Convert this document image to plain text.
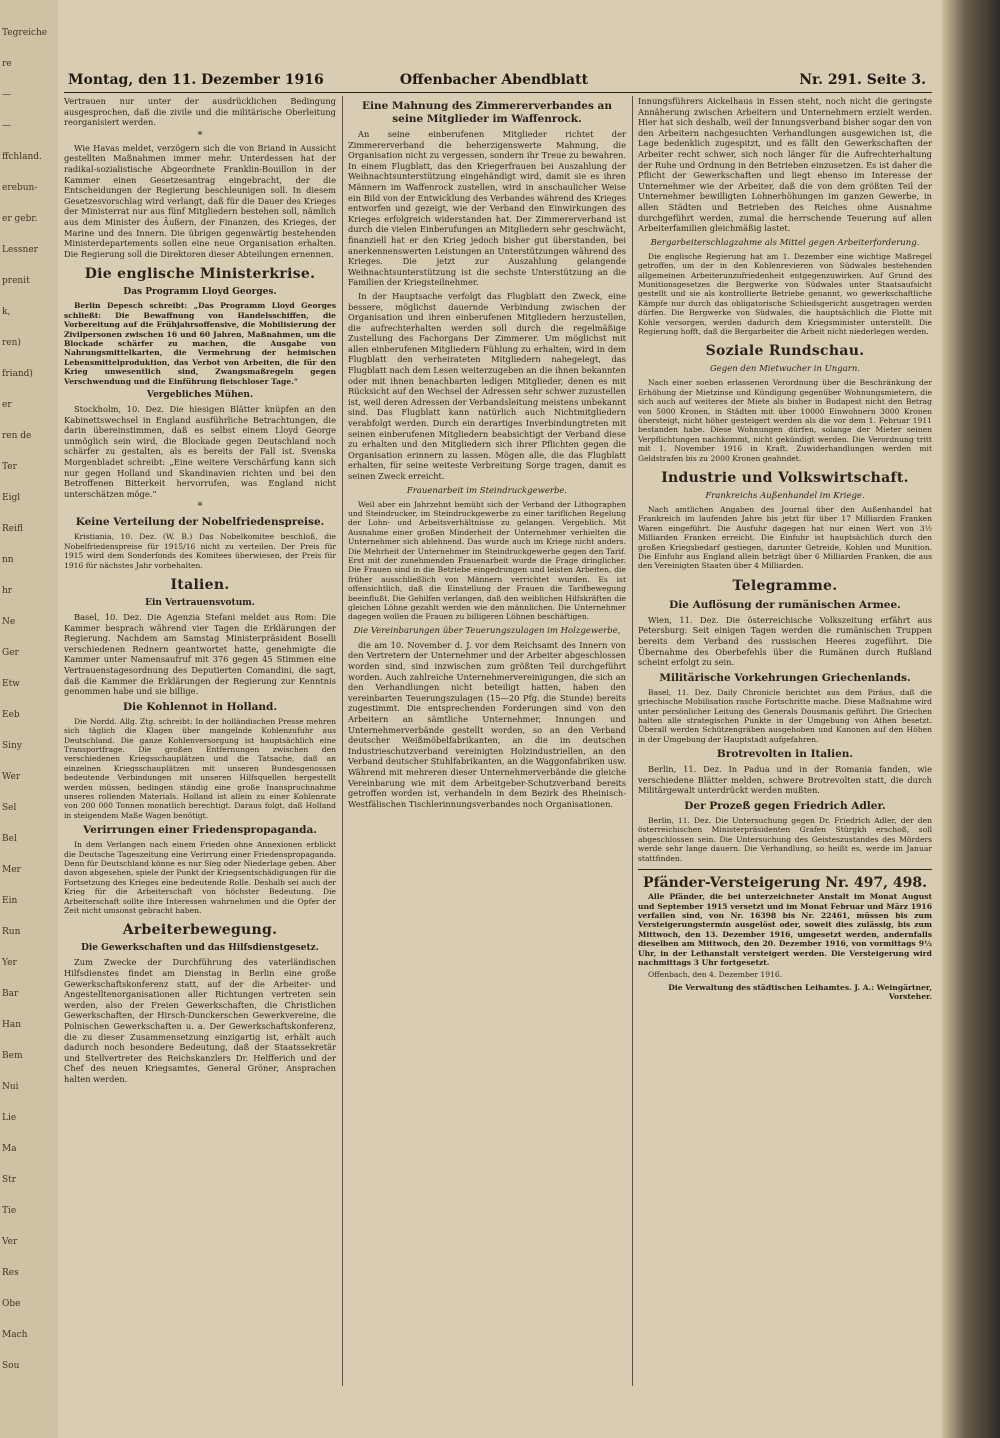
Tegreiche
re
—
—
ffchland.
erebun-
er gebr.
Lessner
prenit
k,
ren)
friand)
er
ren de
Ter
Eigl
Reifl
nn
hr
Ne
Ger
Etw
Eeb
Siny
Wer
Sel
Bel
Mer
Ein
Run
Yer
Bar
Han
Bem
Nui
Lie
Ma
Str
Tie
Ver
Res
Obe
Mach
Sou
Montag, den 11. Dezember 1916	Offenbacher Abendblatt	Nr. 291. Seite 3.

Vertrauen nur unter der ausdrücklichen Bedingung ausgesprochen, daß die zivile und die militärische Oberleitung reorganisiert werden.

*

Wie Havas meldet, verzögern sich die von Briand in Aussicht gestellten Maßnahmen immer mehr. Unterdessen hat der radikal-sozialistische Abgeordnete Franklin-Bouillon in der Kammer einen Gesetzesantrag eingebracht, der die Entscheidungen der Regierung beschleunigen soll. In diesem Gesetzesvorschlag wird verlangt, daß für die Dauer des Krieges der Ministerrat nur aus fünf Mitgliedern bestehen soll, nämlich aus dem Minister des Äußern, der Finanzen, des Krieges, der Marine und des Innern. Die übrigen gegenwärtig bestehenden Ministerdepartements sollen eine neue Organisation erhalten. Die Regierung soll die Direktoren dieser Abteilungen ernennen.

Die englische Ministerkrise.
Das Programm Lloyd Georges.

Berlin Depesch schreibt: „Das Programm Lloyd Georges schließt: Die Bewaffnung von Handelsschiffen, die Vorbereitung auf die Frühjahrsoffensive, die Mobilisierung der Zivilpersonen zwischen 16 und 60 Jahren, Maßnahmen, um die Blockade schärfer zu machen, die Ausgabe von Nahrungsmittelkarten, die Vermehrung der heimischen Lebensmittelproduktion, das Verbot von Arbeiten, die für den Krieg unwesentlich sind, Zwangsmaßregeln gegen Verschwendung und die Einführung fleischloser Tage.“

Vergebliches Mühen.

Stockholm, 10. Dez. Die hiesigen Blätter knüpfen an den Kabinettswechsel in England ausführliche Betrachtungen, die darin übereinstimmen, daß es selbst einem Lloyd George unmöglich sein wird, die Blockade gegen Deutschland noch schärfer zu gestalten, als es bereits der Fall ist. Svenska Morgenbladet schreibt: „Eine weitere Verschärfung kann sich nur gegen Holland und Skandinavien richten und bei den Betroffenen Bitterkeit hervorrufen, was England nicht unterschätzen möge.“

*
Keine Verteilung der Nobelfriedenspreise.

Kristiania, 10. Dez. (W. B.) Das Nobelkomitee beschloß, die Nobelfriedenspreise für 1915/16 nicht zu verteilen. Der Preis für 1915 wird dem Sonderfonds des Komitees überwiesen, der Preis für 1916 für nächstes Jahr vorbehalten.

Italien.
Ein Vertrauensvotum.

Basel, 10. Dez. Die Agenzia Stefani meldet aus Rom: Die Kammer besprach während vier Tagen die Erklärungen der Regierung. Nachdem am Samstag Ministerpräsident Boselli verschiedenen Rednern geantwortet hatte, genehmigte die Kammer unter Namensaufruf mit 376 gegen 45 Stimmen eine Vertrauenstagesordnung des Deputierten Comandini, die sagt, daß die Kammer die Erklärungen der Regierung zur Kenntnis genommen habe und sie billige.

Die Kohlennot in Holland.

Die Nordd. Allg. Ztg. schreibt: In der holländischen Presse mehren sich täglich die Klagen über mangelnde Kohlenzufuhr aus Deutschland. Die ganze Kohlenversorgung ist hauptsächlich eine Transportfrage. Die großen Entfernungen zwischen den verschiedenen Kriegsschauplätzen und die Tatsache, daß an einzelnen Kriegsschauplätzen mit unseren Bundesgenossen bedeutende Verbindungen mit unseren Hilfsquellen hergestellt werden müssen, bedingen ständig eine große Inanspruchnahme unseres rollenden Materials. Holland ist allein zu einer Kohlenrate von 200 000 Tonnen monatlich berechtigt. Daraus folgt, daß Holland in steigendem Maße Wagen benötigt.

Verirrungen einer Friedenspropaganda.

In dem Verlangen nach einem Frieden ohne Annexionen erblickt die Deutsche Tageszeitung eine Verirrung einer Friedenspropaganda. Denn für Deutschland könne es nur Sieg oder Niederlage geben. Aber davon abgesehen, spiele der Punkt der Kriegsentschädigungen für die Fortsetzung des Krieges eine bedeutende Rolle. Deshalb sei auch der Krieg für die Arbeiterschaft von höchster Bedeutung. Die Arbeiterschaft sollte ihre Interessen wahrnehmen und die Opfer der Zeit nicht umsonst gebracht haben.

Arbeiterbewegung.
Die Gewerkschaften und das Hilfsdienstgesetz.

Zum Zwecke der Durchführung des vaterländischen Hilfsdienstes findet am Dienstag in Berlin eine große Gewerkschaftskonferenz statt, auf der die Arbeiter- und Angestelltenorganisationen aller Richtungen vertreten sein werden, also der Freien Gewerkschaften, die Christlichen Gewerkschaften, der Hirsch-Dunckerschen Gewerkvereine, die Polnischen Gewerkschaften u. a. Der Gewerkschaftskonferenz, die zu dieser Zusammensetzung einzigartig ist, erhält auch dadurch noch besondere Bedeutung, daß der Staatssekretär und Stellvertreter des Reichskanzlers Dr. Helfferich und der Chef des neuen Kriegsamtes, General Gröner, Ansprachen halten werden.

Eine Mahnung des Zimmererverbandes an seine Mitglieder im Waffenrock.

An seine einberufenen Mitglieder richtet der Zimmererverband die beherzigenswerte Mahnung, die Organisation nicht zu vergessen, sondern ihr Treue zu bewahren. In einem Flugblatt, das den Kriegerfrauen bei Auszahlung der Weihnachtsunterstützung eingehändigt wird, damit sie es ihren Männern im Waffenrock zustellen, wird in anschaulicher Weise ein Bild von der Entwicklung des Verbandes während des Krieges entworfen und gezeigt, wie der Verband den Einwirkungen des Krieges erfolgreich widerstanden hat. Der Zimmererverband ist durch die vielen Einberufungen an Mitgliedern sehr geschwächt, finanziell hat er den Krieg jedoch bisher gut überstanden, bei anerkennenswerten Leistungen an Unterstützungen während des Krieges. Die jetzt zur Auszahlung gelangende Weihnachtsunterstützung ist die sechste Unterstützung an die Familien der Kriegsteilnehmer.

In der Hauptsache verfolgt das Flugblatt den Zweck, eine bessere, möglichst dauernde Verbindung zwischen der Organisation und ihren einberufenen Mitgliedern herzustellen, die aufrechterhalten werden soll durch die regelmäßige Zustellung des Fachorgans Der Zimmerer. Um möglichst mit allen einberufenen Mitgliedern Fühlung zu erhalten, wird in dem Flugblatt den verheirateten Mitgliedern nahegelegt, das Flugblatt nach dem Lesen weiterzugeben an die ihnen bekannten oder mit ihnen benachbarten ledigen Mitglieder, denen es mit Rücksicht auf den Wechsel der Adressen sehr schwer zuzustellen ist, weil deren Adressen der Verbandsleitung meistens unbekannt sind. Das Flugblatt kann natürlich auch Nichtmitgliedern verabfolgt werden. Durch ein derartiges Inverbindungtreten mit seinen einberufenen Mitgliedern beabsichtigt der Verband diese zu erhalten und den Mitgliedern sich ihrer Pflichten gegen die Organisation erinnern zu lassen. Mögen alle, die das Flugblatt erhalten, für seine weiteste Verbreitung Sorge tragen, damit es seinen Zweck erreicht.

Frauenarbeit im Steindruckgewerbe.

Weil aber ein Jahrzehnt bemüht sich der Verband der Lithographen und Steindrucker, im Steindruckgewerbe zu einer tariflichen Regelung der Lohn- und Arbeitsverhältnisse zu gelangen. Vergeblich. Mit Ausnahme einer großen Minderheit der Unternehmer verhielten die Unternehmer sich ablehnend. Das wurde auch im Kriege nicht anders. Die Mehrheit der Unternehmer im Steindruckgewerbe gegen den Tarif. Erst mit der zunehmenden Frauenarbeit wurde die Frage dringlicher. Die Frauen sind in die Betriebe eingedrungen und leisten Arbeiten, die früher ausschließlich von Männern verrichtet wurden. Es ist offensichtlich, daß die Einstellung der Frauen die Tarifbewegung beeinflußt. Die Gehilfen verlangen, daß den weiblichen Hilfskräften die gleichen Löhne gezahlt werden wie den männlichen. Die Unternehmer dagegen wollen die Frauen zu billigeren Löhnen beschäftigen.

Die Vereinbarungen über Teuerungszulagen im Holzgewerbe,

die am 10. November d. J. vor dem Reichsamt des Innern von den Vertretern der Unternehmer und der Arbeiter abgeschlossen worden sind, sind inzwischen zum größten Teil durchgeführt worden. Auch zahlreiche Unternehmervereinigungen, die sich an den Verhandlungen nicht beteiligt hatten, haben den vereinbarten Teuerungszulagen (15—20 Pfg. die Stunde) bereits zugestimmt. Die entsprechenden Forderungen sind von den Arbeitern an sämtliche Unternehmer, Innungen und Unternehmerverbände gestellt worden, so an den Verband deutscher Weißmöbelfabrikanten, an die im deutschen Industrieschutzverband vereinigten Holzindustriellen, an den Verband deutscher Stuhlfabrikanten, an die Waggonfabriken usw. Während mit mehreren dieser Unternehmerverbände die gleiche Vereinbarung wie mit dem Arbeitgeber-Schutzverband bereits getroffen worden ist, verhandeln in dem Bezirk des Rheinisch-Westfälischen Tischlerinnungsverbandes noch Organisationen.

Innungsführers Aickelhaus in Essen steht, noch nicht die geringste Annäherung zwischen Arbeitern und Unternehmern erzielt werden. Hier hat sich deshalb, weil der Innungsverband bisher sogar den von den Arbeitern nachgesuchten Verhandlungen ausgewichen ist, die Lage bedenklich zugespitzt, und es fällt den Gewerkschaften der Arbeiter recht schwer, sich noch länger für die Aufrechterhaltung der Ruhe und Ordnung in den Betrieben einzusetzen. Es ist daher die Pflicht der Gewerkschaften und liegt ebenso im Interesse der Unternehmer wie der Arbeiter, daß die von dem größten Teil der Unternehmer bewilligten Lohnerhöhungen im ganzen Gewerbe, in allen Städten und Betrieben des Reiches ohne Ausnahme durchgeführt werden, zumal die herrschende Teuerung auf allen Arbeiterfamilien gleichmäßig lastet.

Bergarbeiterschlagzahme als Mittel gegen Arbeiterforderung.

Die englische Regierung hat am 1. Dezember eine wichtige Maßregel getroffen, um der in den Kohlenrevieren von Südwales bestehenden allgemeinen Arbeiterunzufriedenheit entgegenzuwirken. Auf Grund des Munitionsgesetzes die Bergwerke von Südwales unter Staatsaufsicht gestellt und sie als kontrollierte Betriebe genannt, wo gewerkschaftliche Kämpfe nur durch das obligatorische Schiedsgericht ausgetragen werden dürfen. Die Bergwerke von Südwales, die hauptsächlich die Flotte mit Kohle versorgen, werden dadurch dem Kriegsminister unterstellt. Die Regierung hofft, daß die Bergarbeiter die Arbeit nicht niederlegen werden.

Soziale Rundschau.
Gegen den Mietwucher in Ungarn.

Nach einer soeben erlassenen Verordnung über die Beschränkung der Erhöhung der Mietzinse und Kündigung gegenüber Wohnungsmietern, die sich auch auf weiteres der Miete als bisher in Budapest nicht den Betrag von 5000 Kronen, in Städten mit über 10000 Einwohnern 3000 Kronen übersteigt, nicht höher gesteigert werden als die vor dem 1. Februar 1911 bestanden habe. Diese Wohnungen dürfen, solange der Mieter seinen Verpflichtungen nachkommt, nicht gekündigt werden. Die Verordnung tritt mit 1. November 1916 in Kraft. Zuwiderhandlungen werden mit Geldstrafen bis zu 2000 Kronen geahndet.

Industrie und Volkswirtschaft.
Frankreichs Außenhandel im Kriege.

Nach amtlichen Angaben des Journal über den Außenhandel hat Frankreich im laufenden Jahre bis jetzt für über 17 Milliarden Franken Waren eingeführt. Die Ausfuhr dagegen hat nur einen Wert von 3½ Milliarden Franken erreicht. Die Einfuhr ist hauptsächlich durch den großen Kriegsbedarf gestiegen, darunter Getreide, Kohlen und Munition. Die Einfuhr aus England allein beträgt über 6 Milliarden Franken, die aus den Vereinigten Staaten über 4 Milliarden.

Telegramme.
Die Auflösung der rumänischen Armee.

Wien, 11. Dez. Die österreichische Volkszeitung erfährt aus Petersburg: Seit einigen Tagen werden die rumänischen Truppen bereits dem Verband des russischen Heeres zugeführt. Die Übernahme des Oberbefehls über die Rumänen durch Rußland scheint erfolgt zu sein.

Militärische Vorkehrungen Griechenlands.

Basel, 11. Dez. Daily Chronicle berichtet aus dem Piräus, daß die griechische Mobilisation rasche Fortschritte mache. Diese Maßnahme wird unter persönlicher Leitung des Generals Dousmanis geführt. Die Griechen halten alle strategischen Punkte in der Umgebung von Athen besetzt. Überall werden Schützengräben ausgehoben und Kanonen auf den Höhen in der Umgebung der Hauptstadt aufgefahren.

Brotrevolten in Italien.

Berlin, 11. Dez. In Padua und in der Romania fanden, wie verschiedene Blätter melden, schwere Brotrevolten statt, die durch Militärgewalt unterdrückt werden mußten.

Der Prozeß gegen Friedrich Adler.

Berlin, 11. Dez. Die Untersuchung gegen Dr. Friedrich Adler, der den österreichischen Ministerpräsidenten Grafen Stürgkh erschoß, soll abgeschlossen sein. Die Untersuchung des Geisteszustandes des Mörders werde sehr lange dauern. Die Verhandlung, so heißt es, werde im Januar stattfinden.

Pfänder-Versteigerung Nr. 497, 498.

Alle Pfänder, die bei unterzeichneter Anstalt im Monat August und September 1915 versetzt und im Monat Februar und März 1916 verfallen sind, von Nr. 16398 bis Nr. 22461, müssen bis zum Versteigerungstermin ausgelöst oder, soweit dies zulässig, bis zum Mittwoch, den 13. Dezember 1916, umgesetzt werden, andernfalls dieselben am Mittwoch, den 20. Dezember 1916, von vormittags 9½ Uhr, in der Leihanstalt versteigert werden. Die Versteigerung wird nachmittags 3 Uhr fortgesetzt.

Offenbach, den 4. Dezember 1916.

Die Verwaltung des städtischen Leihamtes. J. A.: Weingärtner, Vorsteher.
